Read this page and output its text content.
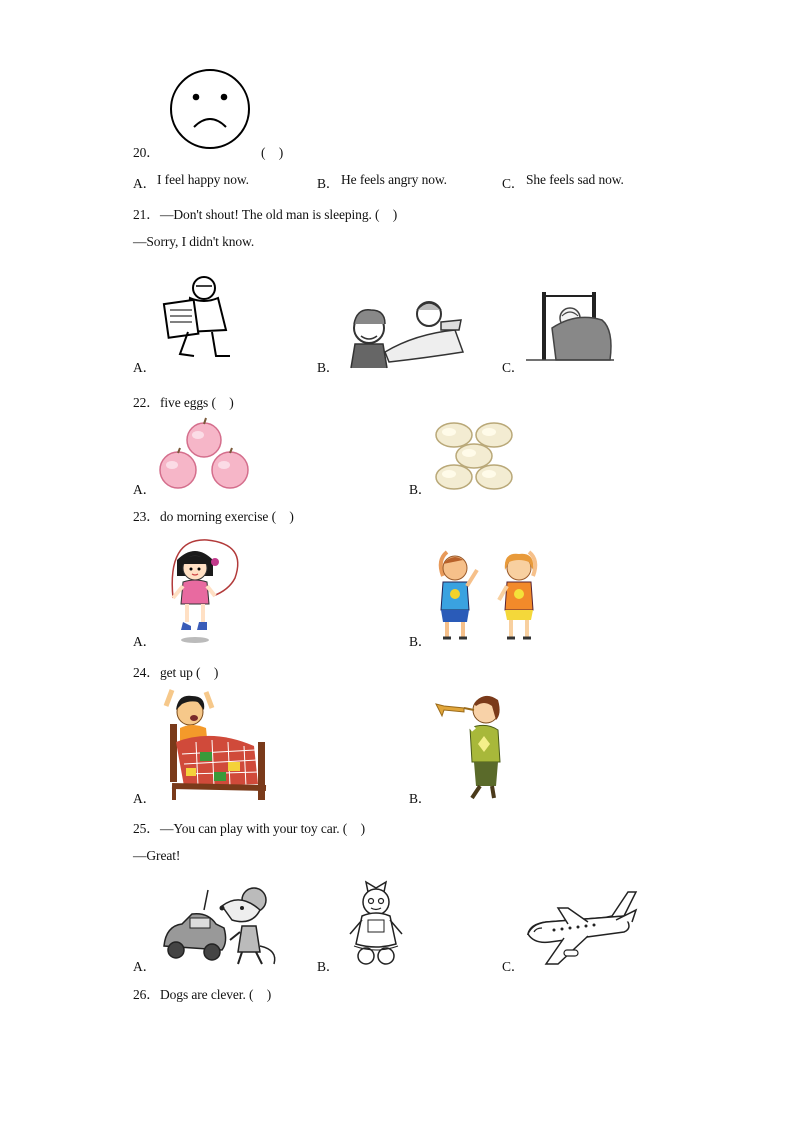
20．	(　)
A． I feel happy now.	B． He feels angry now.	C． She feels sad now.
21． —Don't shout! The old man is sleeping. (　)
—Sorry, I didn't know.
A．	B．	C．
22． five eggs (　)
A．	B．
23． do morning exercise (　)
A．	B．
24． get up (　)
A．	B．
25． —You can play with your toy car. (　)
—Great!
A．	B．	C．
26． Dogs are clever. (　)
